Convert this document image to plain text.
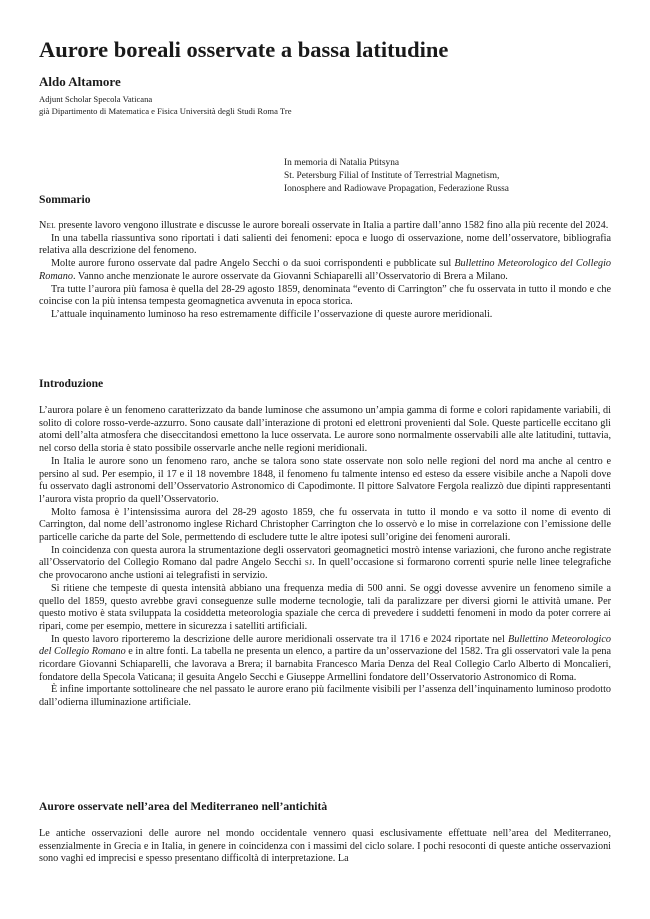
Aurore boreali osservate a bassa latitudine
Aldo Altamore
Adjunt Scholar Specola Vaticana
già Dipartimento di Matematica e Fisica Università degli Studi Roma Tre
In memoria di Natalia Ptitsyna
St. Petersburg Filial of Institute of Terrestrial Magnetism,
Ionosphere and Radiowave Propagation, Federazione Russa
Sommario

Nel presente lavoro vengono illustrate e discusse le aurore boreali osservate in Italia a partire dall’anno 1582 fino alla più recente del 2024.

In una tabella riassuntiva sono riportati i dati salienti dei fenomeni: epoca e luogo di osservazione, nome dell’osservatore, bibliografia relativa alla descrizione del fenomeno.

Molte aurore furono osservate dal padre Angelo Secchi o da suoi corrispondenti e pubblicate sul Bullettino Meteorologico del Collegio Romano. Vanno anche menzionate le aurore osservate da Giovanni Schiaparelli all’Osservatorio di Brera a Milano.

Tra tutte l’aurora più famosa è quella del 28-29 agosto 1859, denominata “evento di Carrington” che fu osservata in tutto il mondo e che coincise con la più intensa tempesta geomagnetica avvenuta in epoca storica.

L’attuale inquinamento luminoso ha reso estremamente difficile l’osservazione di queste aurore meridionali.

Introduzione

L’aurora polare è un fenomeno caratterizzato da bande luminose che assumono un’ampia gamma di forme e colori rapidamente variabili, di solito di colore rosso-verde-azzurro. Sono causate dall’interazione di protoni ed elettroni provenienti dal Sole. Queste particelle eccitano gli atomi dell’alta atmosfera che diseccitandosi emettono la luce osservata. Le aurore sono normalmente osservabili alle alte latitudini, tuttavia, nel corso della storia è stato possibile osservarle anche nelle regioni meridionali.

In Italia le aurore sono un fenomeno raro, anche se talora sono state osservate non solo nelle regioni del nord ma anche al centro e persino al sud. Per esempio, il 17 e il 18 novembre 1848, il fenomeno fu talmente intenso ed esteso da essere visibile anche a Napoli dove fu osservato dagli astronomi dell’Osservatorio Astronomico di Capodimonte. Il pittore Salvatore Fergola realizzò due dipinti rappresentanti l’aurora vista proprio da quell’Osservatorio.

Molto famosa è l’intensissima aurora del 28-29 agosto 1859, che fu osservata in tutto il mondo e va sotto il nome di evento di Carrington, dal nome dell’astronomo inglese Richard Christopher Carrington che lo osservò e lo mise in correlazione con l’emissione delle particelle cariche da parte del Sole, permettendo di escludere tutte le altre ipotesi sull’origine dei fenomeni aurorali.

In coincidenza con questa aurora la strumentazione degli osservatori geomagnetici mostrò intense variazioni, che furono anche registrate all’Osservatorio del Collegio Romano dal padre Angelo Secchi sj. In quell’occasione si formarono correnti spurie nelle linee telegrafiche che provocarono anche ustioni ai telegrafisti in servizio.

Si ritiene che tempeste di questa intensità abbiano una frequenza media di 500 anni. Se oggi dovesse avvenire un fenomeno simile a quello del 1859, questo avrebbe gravi conseguenze sulle moderne tecnologie, tali da paralizzare per diversi giorni le attività umane. Per questo motivo è stata sviluppata la cosiddetta meteorologia spaziale che cerca di prevedere i suddetti fenomeni in modo da poter correre ai ripari, come per esempio, mettere in sicurezza i satelliti artificiali.

In questo lavoro riporteremo la descrizione delle aurore meridionali osservate tra il 1716 e 2024 riportate nel Bullettino Meteorologico del Collegio Romano e in altre fonti. La tabella ne presenta un elenco, a partire da un’osservazione del 1582. Tra gli osservatori vale la pena ricordare Giovanni Schiaparelli, che lavorava a Brera; il barnabita Francesco Maria Denza del Real Collegio Carlo Alberto di Moncalieri, fondatore della Specola Vaticana; il gesuita Angelo Secchi e Giuseppe Armellini fondatore dell’Osservatorio Astronomico di Roma.

È infine importante sottolineare che nel passato le aurore erano più facilmente visibili per l’assenza dell’inquinamento luminoso prodotto dall’odierna illuminazione artificiale.

Aurore osservate nell’area del Mediterraneo nell’antichità

Le antiche osservazioni delle aurore nel mondo occidentale vennero quasi esclusivamente effettuate nell’area del Mediterraneo, essenzialmente in Grecia e in Italia, in genere in coincidenza con i massimi del ciclo solare. I pochi resoconti di queste antiche osservazioni sono vaghi ed imprecisi e spesso presentano difficoltà di interpretazione. La
